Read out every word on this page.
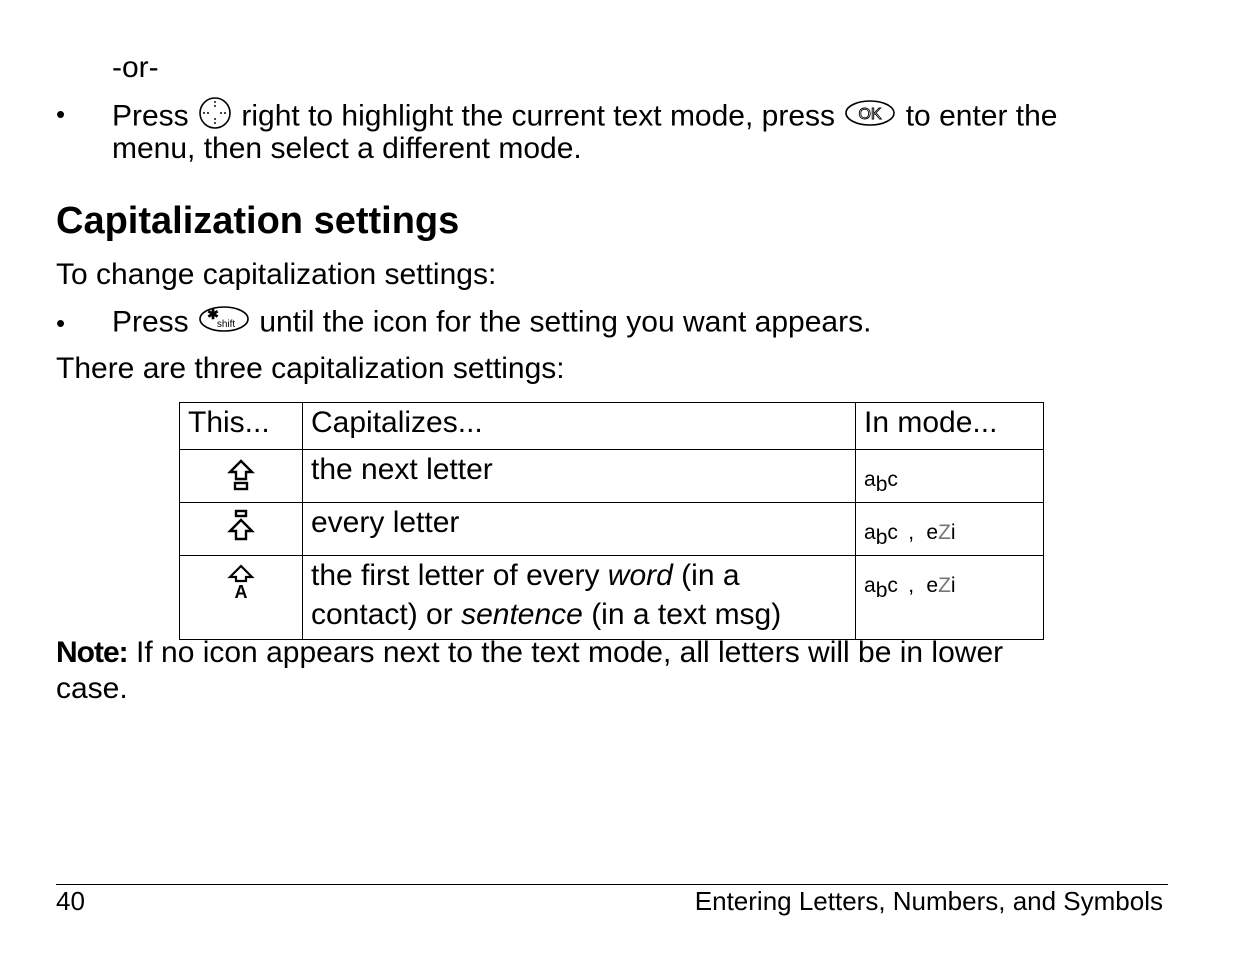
-or-
• Press right to highlight the current text mode, press OK to enter the
menu, then select a different mode.
Capitalization settings
To change capitalization settings:
• Press ✱
shift until the icon for the setting you want appears.
There are three capitalization settings:
This...	Capitalizes...	In mode...
	the next letter	abc
	every letter	abc , eZi

A	the first letter of every word (in a
contact) or sentence (in a text msg)	abc , eZi
Note: If no icon appears next to the text mode, all letters will be in lower
case.
40	Entering Letters, Numbers, and Symbols
